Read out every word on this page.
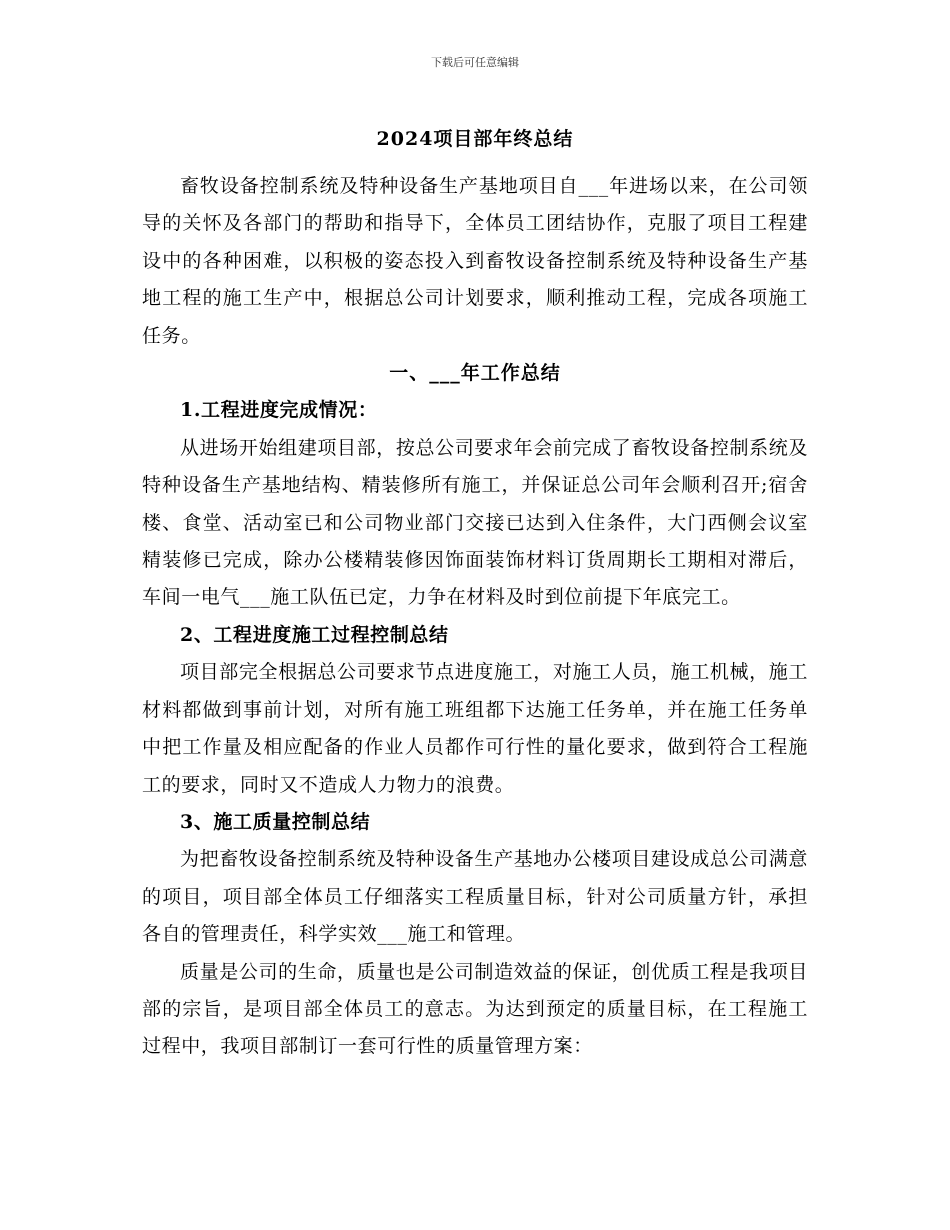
下载后可任意编辑
2024项目部年终总结

畜牧设备控制系统及特种设备生产基地项目自___年进场以来，在公司领导的关怀及各部门的帮助和指导下，全体员工团结协作，克服了项目工程建设中的各种困难，以积极的姿态投入到畜牧设备控制系统及特种设备生产基地工程的施工生产中，根据总公司计划要求，顺利推动工程，完成各项施工任务。

一、___年工作总结

1.工程进度完成情况：

从进场开始组建项目部，按总公司要求年会前完成了畜牧设备控制系统及特种设备生产基地结构、精装修所有施工，并保证总公司年会顺利召开;宿舍楼、食堂、活动室已和公司物业部门交接已达到入住条件，大门西侧会议室精装修已完成，除办公楼精装修因饰面装饰材料订货周期长工期相对滞后，车间一电气___施工队伍已定，力争在材料及时到位前提下年底完工。

2、工程进度施工过程控制总结

项目部完全根据总公司要求节点进度施工，对施工人员，施工机械，施工材料都做到事前计划，对所有施工班组都下达施工任务单，并在施工任务单中把工作量及相应配备的作业人员都作可行性的量化要求，做到符合工程施工的要求，同时又不造成人力物力的浪费。

3、施工质量控制总结

为把畜牧设备控制系统及特种设备生产基地办公楼项目建设成总公司满意的项目，项目部全体员工仔细落实工程质量目标，针对公司质量方针，承担各自的管理责任，科学实效___施工和管理。

质量是公司的生命，质量也是公司制造效益的保证，创优质工程是我项目部的宗旨，是项目部全体员工的意志。为达到预定的质量目标，在工程施工过程中，我项目部制订一套可行性的质量管理方案：
